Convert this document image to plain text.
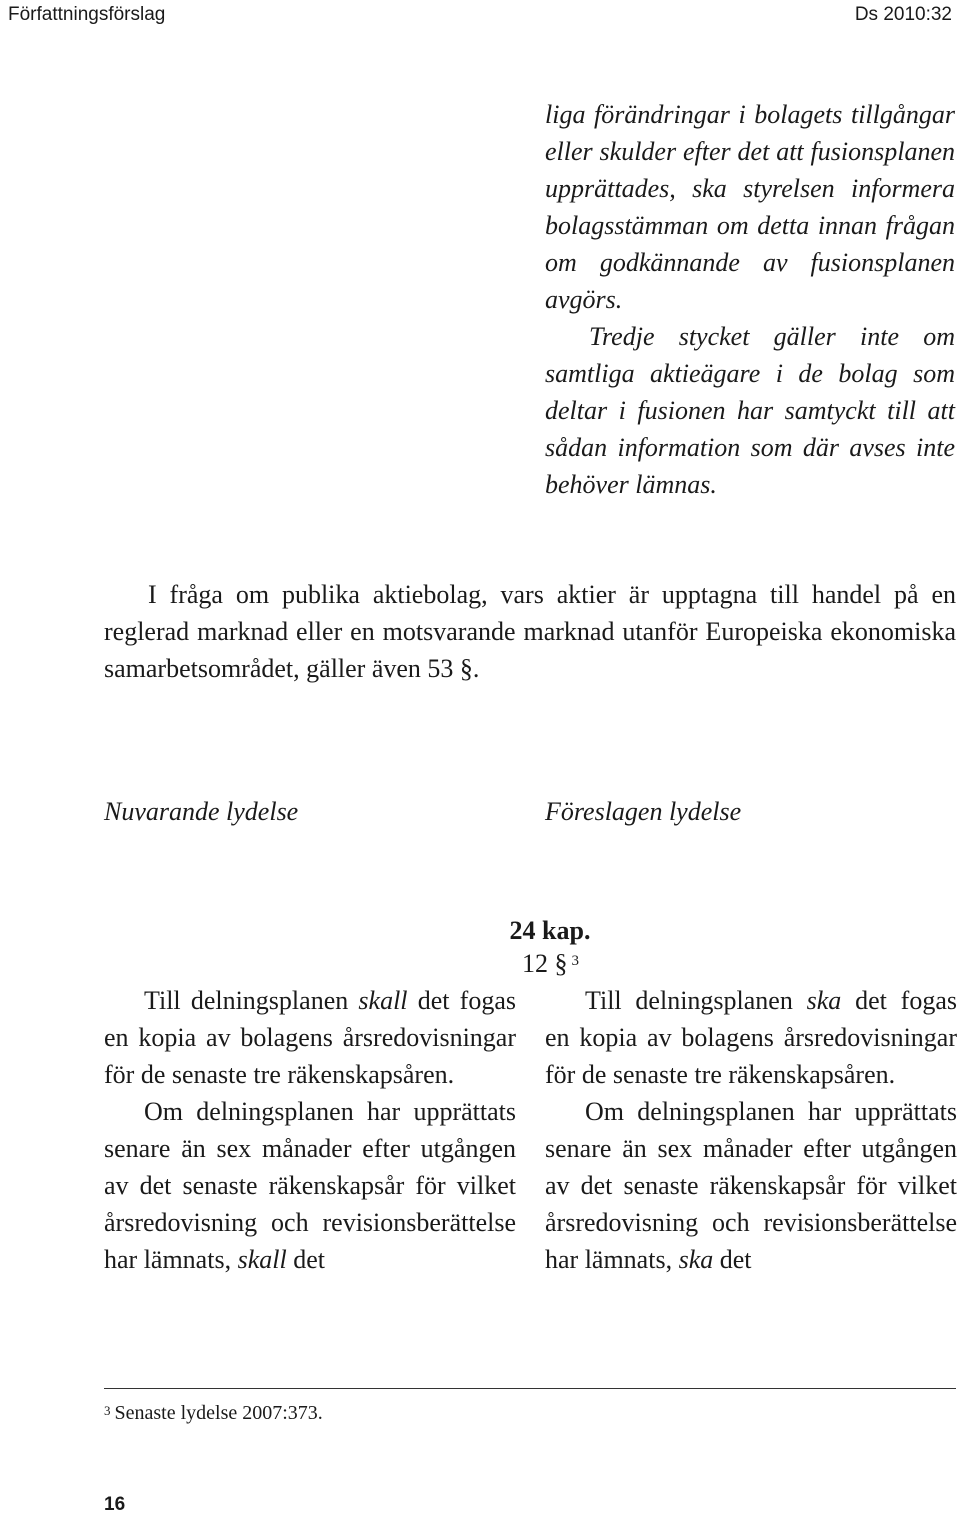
Författningsförslag	Ds 2010:32

liga förändringar i bolagets tillgångar eller skulder efter det att fusionsplanen upprättades, ska styrelsen informera bolagsstämman om detta innan frågan om godkännande av fusionsplanen avgörs.

Tredje stycket gäller inte om samtliga aktieägare i de bolag som deltar i fusionen har samtyckt till att sådan information som där avses inte behöver lämnas.

I fråga om publika aktiebolag, vars aktier är upptagna till handel på en reglerad marknad eller en motsvarande marknad utanför Europeiska ekonomiska samarbetsområdet, gäller även 53 §.

Nuvarande lydelse	Föreslagen lydelse
24 kap.
12 § $^3$

Till delningsplanen skall det fogas en kopia av bolagens årsredovisningar för de senaste tre räkenskapsåren.

Om delningsplanen har upprättats senare än sex månader efter utgången av det senaste räkenskapsår för vilket årsredovisning och revisionsberättelse har lämnats, skall det

Till delningsplanen ska det fogas en kopia av bolagens årsredovisningar för de senaste tre räkenskapsåren.

Om delningsplanen har upprättats senare än sex månader efter utgången av det senaste räkenskapsår för vilket årsredovisning och revisionsberättelse har lämnats, ska det

$^3$ Senaste lydelse 2007:373.
16
